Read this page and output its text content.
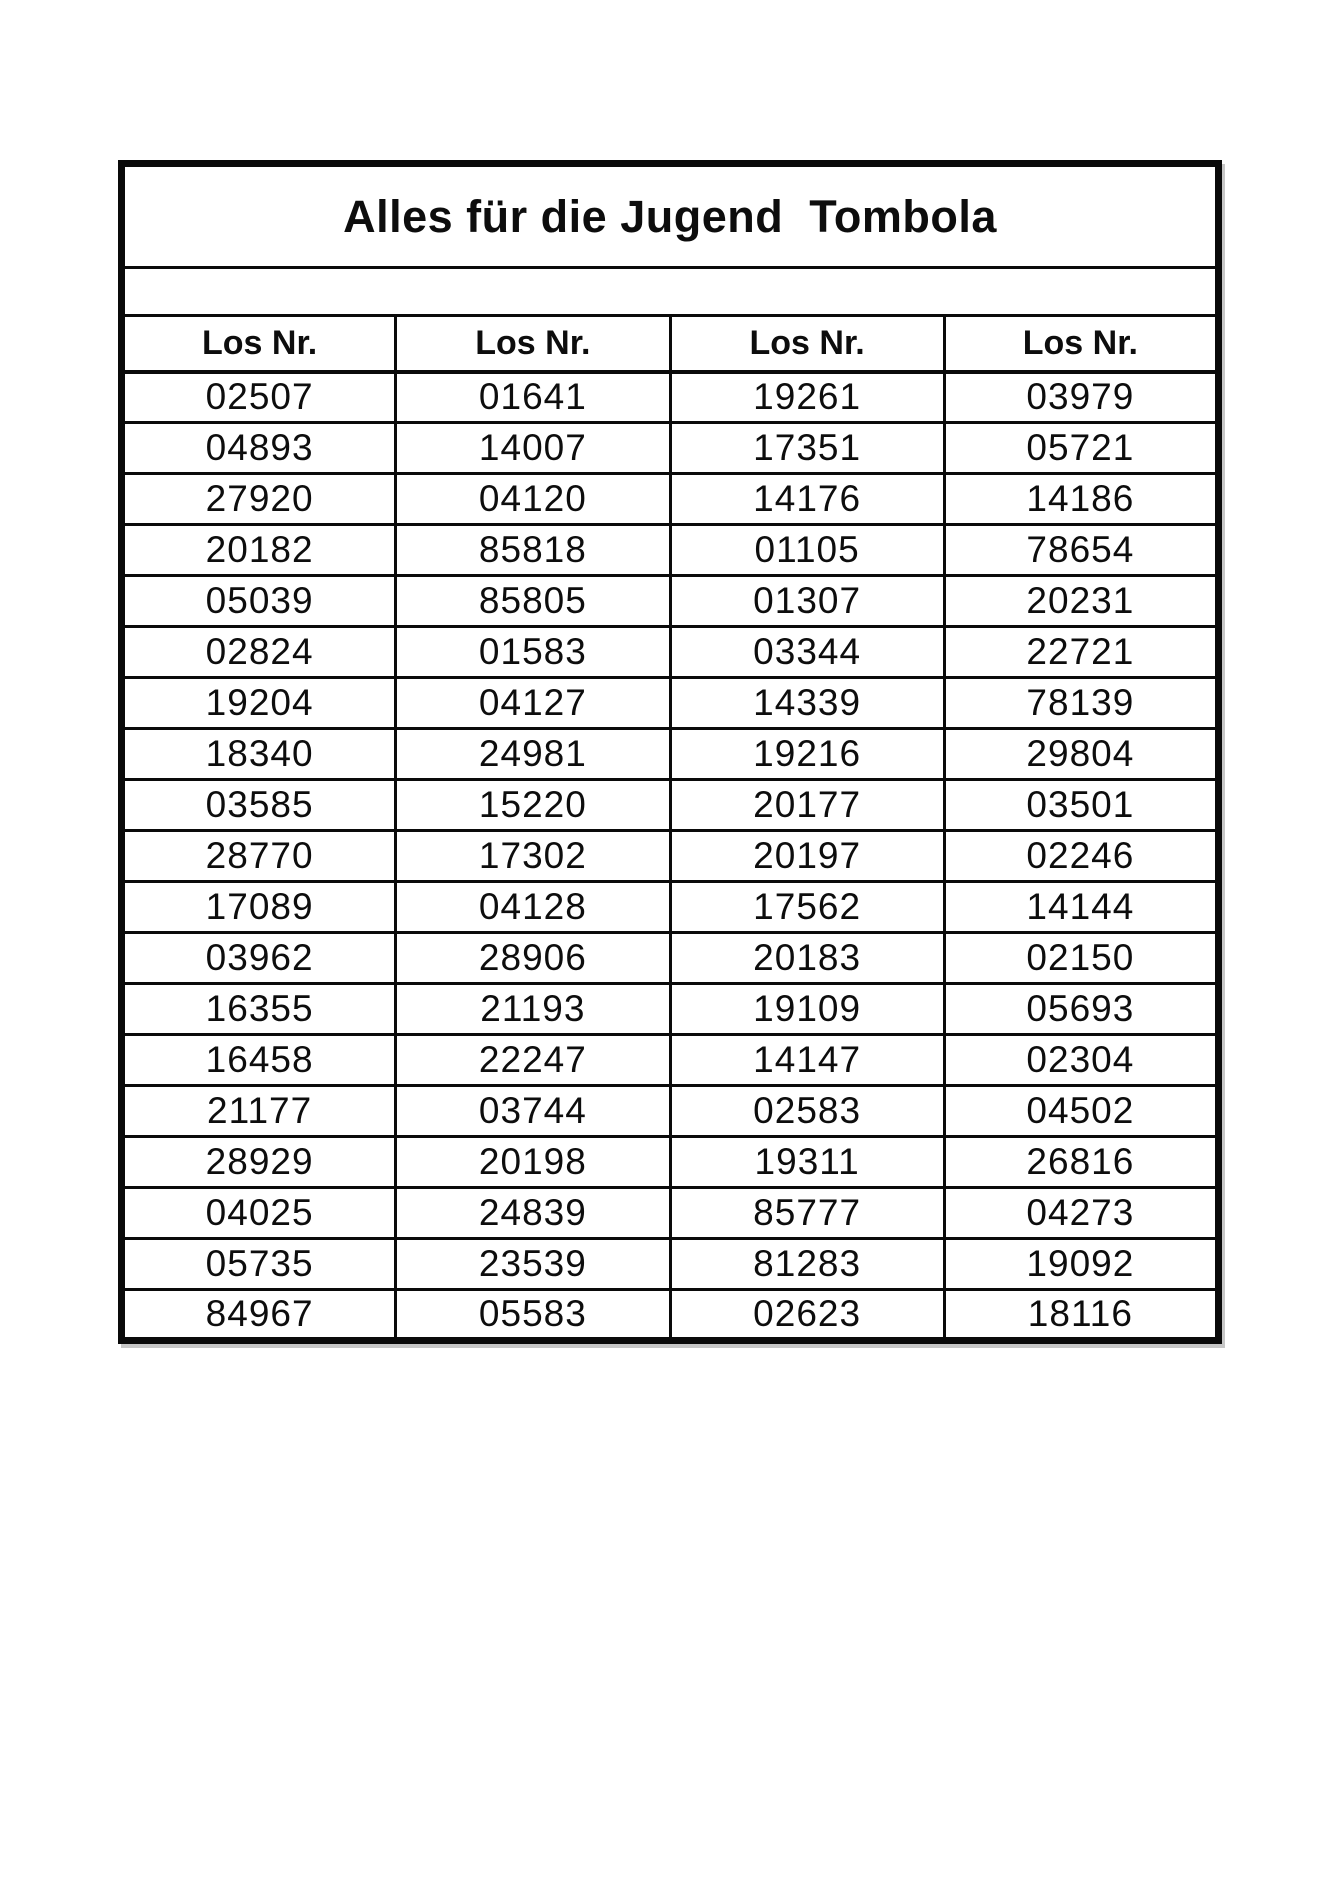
Alles für die Jugend  Tombola			

Los Nr.	Los Nr.	Los Nr.	Los Nr.
02507	01641	19261	03979
04893	14007	17351	05721
27920	04120	14176	14186
20182	85818	01105	78654
05039	85805	01307	20231
02824	01583	03344	22721
19204	04127	14339	78139
18340	24981	19216	29804
03585	15220	20177	03501
28770	17302	20197	02246
17089	04128	17562	14144
03962	28906	20183	02150
16355	21193	19109	05693
16458	22247	14147	02304
21177	03744	02583	04502
28929	20198	19311	26816
04025	24839	85777	04273
05735	23539	81283	19092
84967	05583	02623	18116
